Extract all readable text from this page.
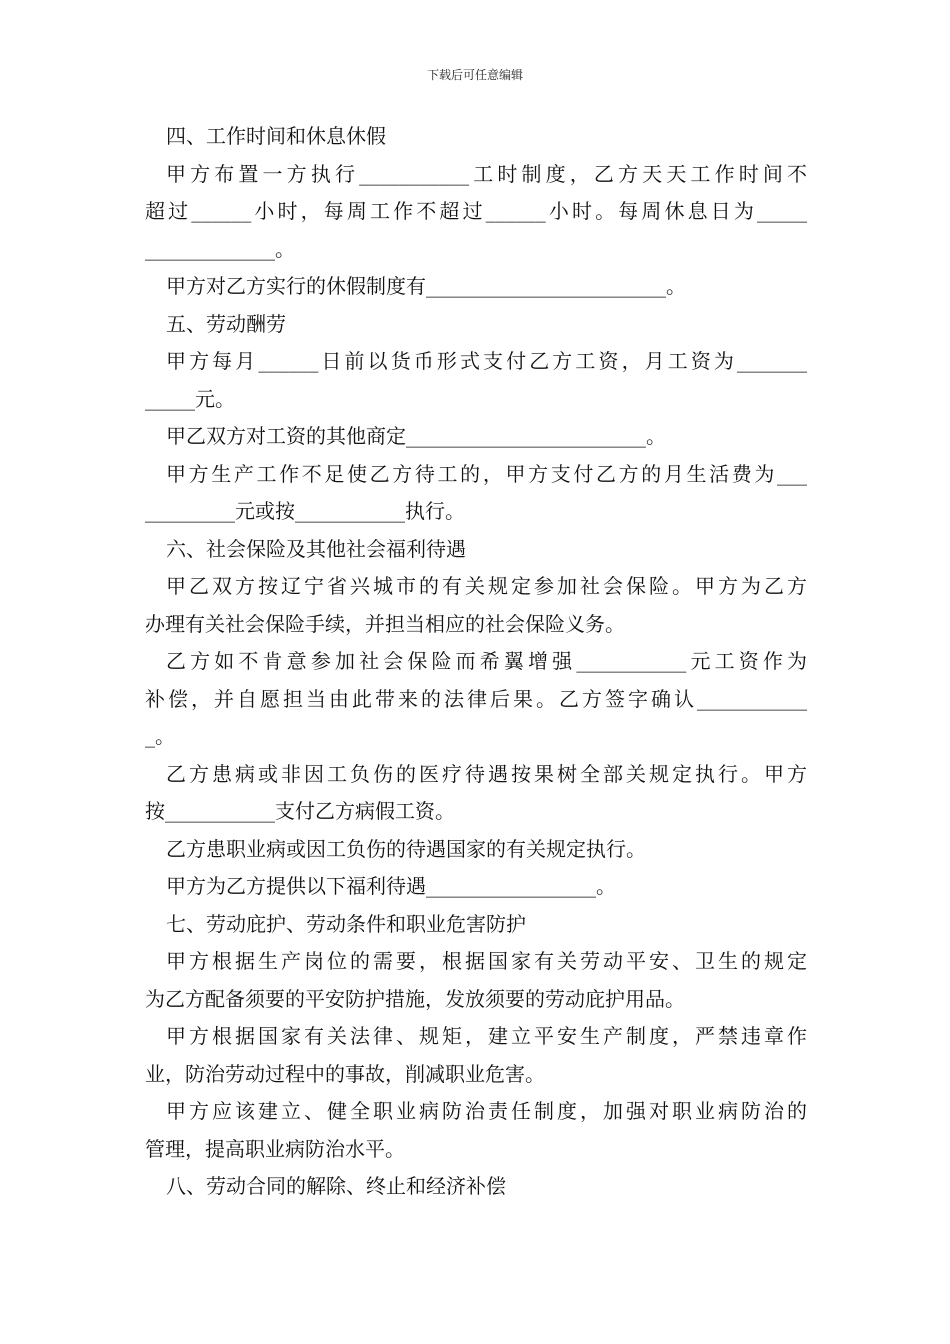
下载后可任意编辑
四、工作时间和休息休假
甲方布置一方执行___________工时制度，乙方天天工作时间不
超过______小时，每周工作不超过______小时。每周休息日为_____
_____________。
甲方对乙方实行的休假制度有________________________。
五、劳动酬劳
甲方每月______日前以货币形式支付乙方工资，月工资为_______
_____元。
甲乙双方对工资的其他商定________________________。
甲方生产工作不足使乙方待工的，甲方支付乙方的月生活费为___
_________元或按___________执行。
六、社会保险及其他社会福利待遇
甲乙双方按辽宁省兴城市的有关规定参加社会保险。甲方为乙方
办理有关社会保险手续，并担当相应的社会保险义务。
乙方如不肯意参加社会保险而希翼增强___________元工资作为
补偿，并自愿担当由此带来的法律后果。乙方签字确认___________
_。
乙方患病或非因工负伤的医疗待遇按果树全部关规定执行。甲方
按___________支付乙方病假工资。
乙方患职业病或因工负伤的待遇国家的有关规定执行。
甲方为乙方提供以下福利待遇_________________。
七、劳动庇护、劳动条件和职业危害防护
甲方根据生产岗位的需要，根据国家有关劳动平安、卫生的规定
为乙方配备须要的平安防护措施，发放须要的劳动庇护用品。
甲方根据国家有关法律、规矩，建立平安生产制度，严禁违章作
业，防治劳动过程中的事故，削减职业危害。
甲方应该建立、健全职业病防治责任制度，加强对职业病防治的
管理，提高职业病防治水平。
八、劳动合同的解除、终止和经济补偿
